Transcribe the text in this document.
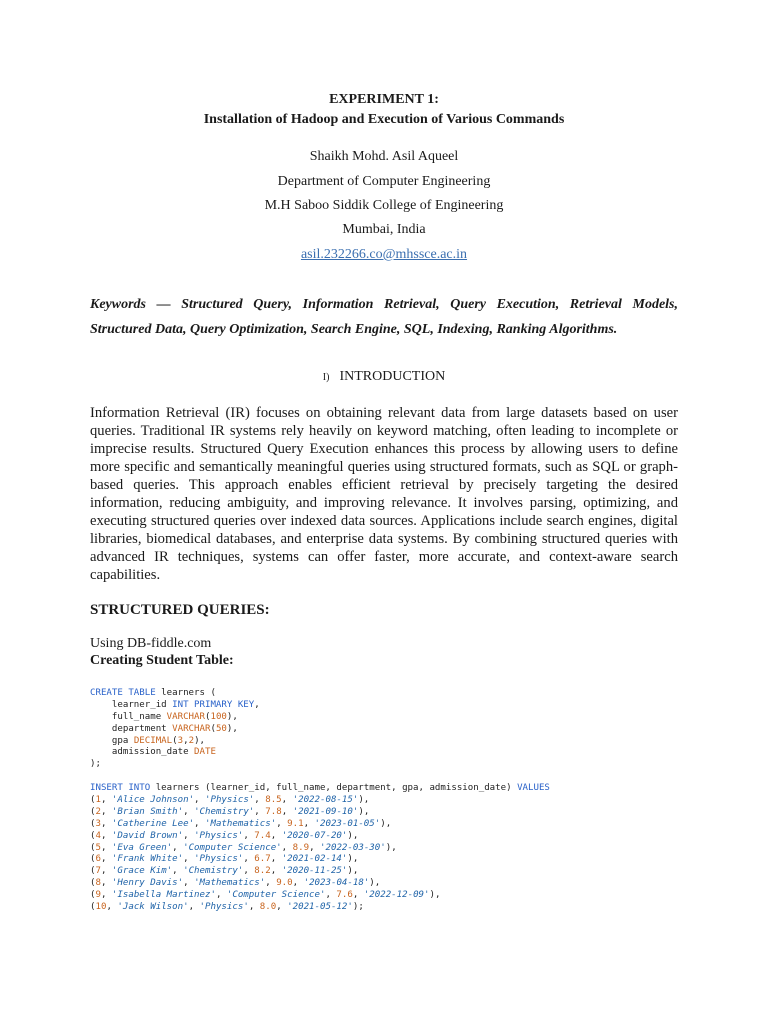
EXPERIMENT 1:
Installation of Hadoop and Execution of Various Commands
Shaikh Mohd. Asil Aqueel
Department of Computer Engineering
M.H Saboo Siddik College of Engineering
Mumbai, India
asil.232266.co@mhssce.ac.in
Keywords — Structured Query, Information Retrieval, Query Execution, Retrieval Models, Structured Data, Query Optimization, Search Engine, SQL, Indexing, Ranking Algorithms.
I) INTRODUCTION
Information Retrieval (IR) focuses on obtaining relevant data from large datasets based on user queries. Traditional IR systems rely heavily on keyword matching, often leading to incomplete or imprecise results. Structured Query Execution enhances this process by allowing users to define more specific and semantically meaningful queries using structured formats, such as SQL or graph-based queries. This approach enables efficient retrieval by precisely targeting the desired information, reducing ambiguity, and improving relevance. It involves parsing, optimizing, and executing structured queries over indexed data sources. Applications include search engines, digital libraries, biomedical databases, and enterprise data systems. By combining structured queries with advanced IR techniques, systems can offer faster, more accurate, and context-aware search capabilities.
STRUCTURED QUERIES:
Using DB-fiddle.com
Creating Student Table:
CREATE TABLE learners (
learner_id INT PRIMARY KEY,
full_name VARCHAR(100),
department VARCHAR(50),
gpa DECIMAL(3,2),
admission_date DATE
);
INSERT INTO learners (learner_id, full_name, department, gpa, admission_date) VALUES
(1, 'Alice Johnson', 'Physics', 8.5, '2022-08-15'),
(2, 'Brian Smith', 'Chemistry', 7.8, '2021-09-10'),
(3, 'Catherine Lee', 'Mathematics', 9.1, '2023-01-05'),
(4, 'David Brown', 'Physics', 7.4, '2020-07-20'),
(5, 'Eva Green', 'Computer Science', 8.9, '2022-03-30'),
(6, 'Frank White', 'Physics', 6.7, '2021-02-14'),
(7, 'Grace Kim', 'Chemistry', 8.2, '2020-11-25'),
(8, 'Henry Davis', 'Mathematics', 9.0, '2023-04-18'),
(9, 'Isabella Martinez', 'Computer Science', 7.6, '2022-12-09'),
(10, 'Jack Wilson', 'Physics', 8.0, '2021-05-12');
